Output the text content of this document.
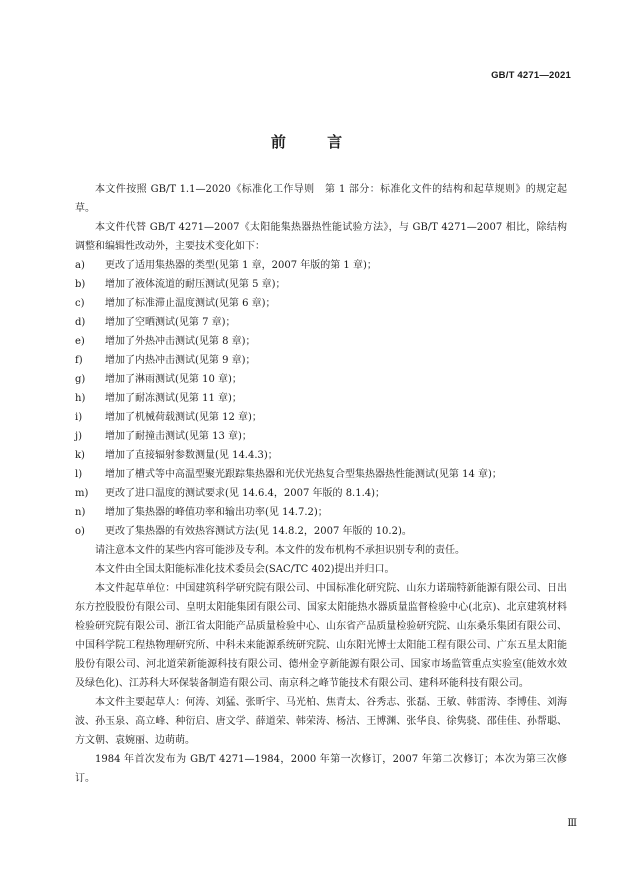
GB/T 4271—2021
前 言

本文件按照 GB/T 1.1—2020《标准化工作导则　第 1 部分：标准化文件的结构和起草规则》的规定起草。

本文件代替 GB/T 4271—2007《太阳能集热器热性能试验方法》，与 GB/T 4271—2007 相比，除结构调整和编辑性改动外，主要技术变化如下：

a) 更改了适用集热器的类型(见第 1 章，2007 年版的第 1 章)；
b) 增加了液体流道的耐压测试(见第 5 章)；
c) 增加了标准滞止温度测试(见第 6 章)；
d) 增加了空晒测试(见第 7 章)；
e) 增加了外热冲击测试(见第 8 章)；
f) 增加了内热冲击测试(见第 9 章)；
g) 增加了淋雨测试(见第 10 章)；
h) 增加了耐冻测试(见第 11 章)；
i) 增加了机械荷载测试(见第 12 章)；
j) 增加了耐撞击测试(见第 13 章)；
k) 增加了直接辐射参数测量(见 14.4.3)；
l) 增加了槽式等中高温型聚光跟踪集热器和光伏光热复合型集热器热性能测试(见第 14 章)；
m) 更改了进口温度的测试要求(见 14.6.4，2007 年版的 8.1.4)；
n) 增加了集热器的峰值功率和输出功率(见 14.7.2)；
o) 更改了集热器的有效热容测试方法(见 14.8.2，2007 年版的 10.2)。

请注意本文件的某些内容可能涉及专利。本文件的发布机构不承担识别专利的责任。

本文件由全国太阳能标准化技术委员会(SAC/TC 402)提出并归口。

本文件起草单位：中国建筑科学研究院有限公司、中国标准化研究院、山东力诺瑞特新能源有限公司、日出东方控股股份有限公司、皇明太阳能集团有限公司、国家太阳能热水器质量监督检验中心(北京)、北京建筑材料检验研究院有限公司、浙江省太阳能产品质量检验中心、山东省产品质量检验研究院、山东桑乐集团有限公司、中国科学院工程热物理研究所、中科未来能源系统研究院、山东阳光博士太阳能工程有限公司、广东五星太阳能股份有限公司、河北道荣新能源科技有限公司、德州金亨新能源有限公司、国家市场监管重点实验室(能效水效及绿色化)、江苏科大环保装备制造有限公司、南京科之峰节能技术有限公司、建科环能科技有限公司。

本文件主要起草人：何涛、刘猛、张昕宇、马光柏、焦青太、谷秀志、张磊、王敏、韩雷涛、李博佳、刘海波、孙玉泉、高立峰、种衍启、唐文学、薛道荣、韩荣涛、杨洁、王博渊、张华良、徐隽骁、邵佳佳、孙帮聪、方文朝、袁婉丽、边萌萌。

1984 年首次发布为 GB/T 4271—1984，2000 年第一次修订，2007 年第二次修订；本次为第三次修订。

Ⅲ
